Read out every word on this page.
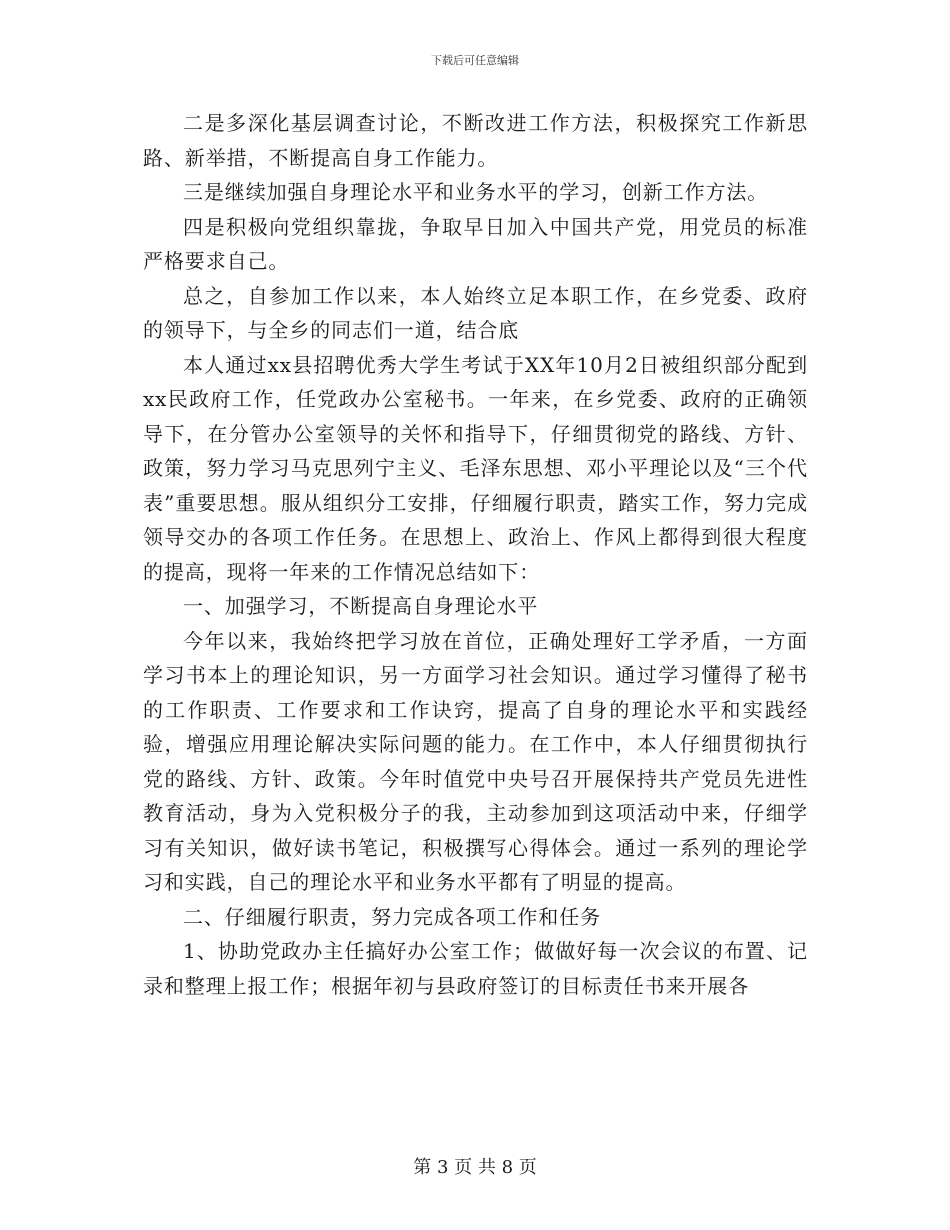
下载后可任意编辑

二是多深化基层调查讨论，不断改进工作方法，积极探究工作新思路、新举措，不断提高自身工作能力。

三是继续加强自身理论水平和业务水平的学习，创新工作方法。

四是积极向党组织靠拢，争取早日加入中国共产党，用党员的标准严格要求自己。

总之，自参加工作以来，本人始终立足本职工作，在乡党委、政府的领导下，与全乡的同志们一道，结合底

本人通过xx县招聘优秀大学生考试于XX年10月2日被组织部分配到xx民政府工作，任党政办公室秘书。一年来，在乡党委、政府的正确领导下，在分管办公室领导的关怀和指导下，仔细贯彻党的路线、方针、政策，努力学习马克思列宁主义、毛泽东思想、邓小平理论以及“三个代表”重要思想。服从组织分工安排，仔细履行职责，踏实工作，努力完成领导交办的各项工作任务。在思想上、政治上、作风上都得到很大程度的提高，现将一年来的工作情况总结如下：

一、加强学习，不断提高自身理论水平

今年以来，我始终把学习放在首位，正确处理好工学矛盾，一方面学习书本上的理论知识，另一方面学习社会知识。通过学习懂得了秘书的工作职责、工作要求和工作诀窍，提高了自身的理论水平和实践经验，增强应用理论解决实际问题的能力。在工作中，本人仔细贯彻执行党的路线、方针、政策。今年时值党中央号召开展保持共产党员先进性教育活动，身为入党积极分子的我，主动参加到这项活动中来，仔细学习有关知识，做好读书笔记，积极撰写心得体会。通过一系列的理论学习和实践，自己的理论水平和业务水平都有了明显的提高。

二、仔细履行职责，努力完成各项工作和任务

1、协助党政办主任搞好办公室工作；做做好每一次会议的布置、记录和整理上报工作；根据年初与县政府签订的目标责任书来开展各

第 3 页 共 8 页
